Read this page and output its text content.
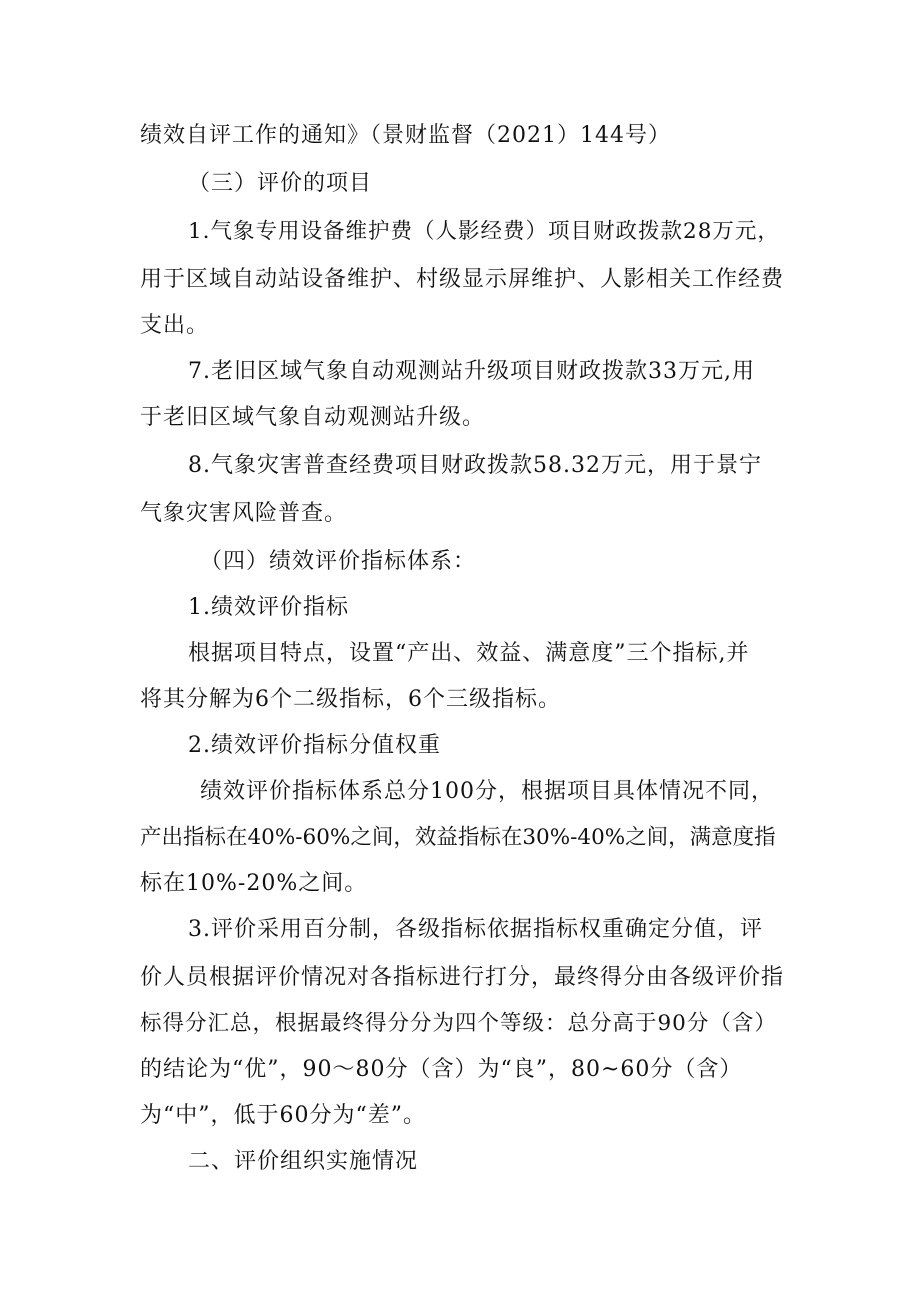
绩效自评工作的通知》（景财监督（2021）144号）
（三）评价的项目
1.气象专用设备维护费（人影经费）项目财政拨款28万元，
用于区域自动站设备维护、村级显示屏维护、人影相关工作经费
支出。
7.老旧区域气象自动观测站升级项目财政拨款33万元,用
于老旧区域气象自动观测站升级。
8.气象灾害普查经费项目财政拨款58.32万元，用于景宁
气象灾害风险普查。
（四）绩效评价指标体系：
1.绩效评价指标
根据项目特点，设置“产出、效益、满意度”三个指标,并
将其分解为6个二级指标，6个三级指标。
2.绩效评价指标分值权重
绩效评价指标体系总分100分，根据项目具体情况不同，
产出指标在40%-60%之间，效益指标在30%-40%之间，满意度指
标在10%-20%之间。
3.评价采用百分制，各级指标依据指标权重确定分值，评
价人员根据评价情况对各指标进行打分，最终得分由各级评价指
标得分汇总，根据最终得分分为四个等级：总分高于90分（含）
的结论为“优”，90～80分（含）为“良”，80~60分（含）
为“中”，低于60分为“差”。
二、评价组织实施情况
